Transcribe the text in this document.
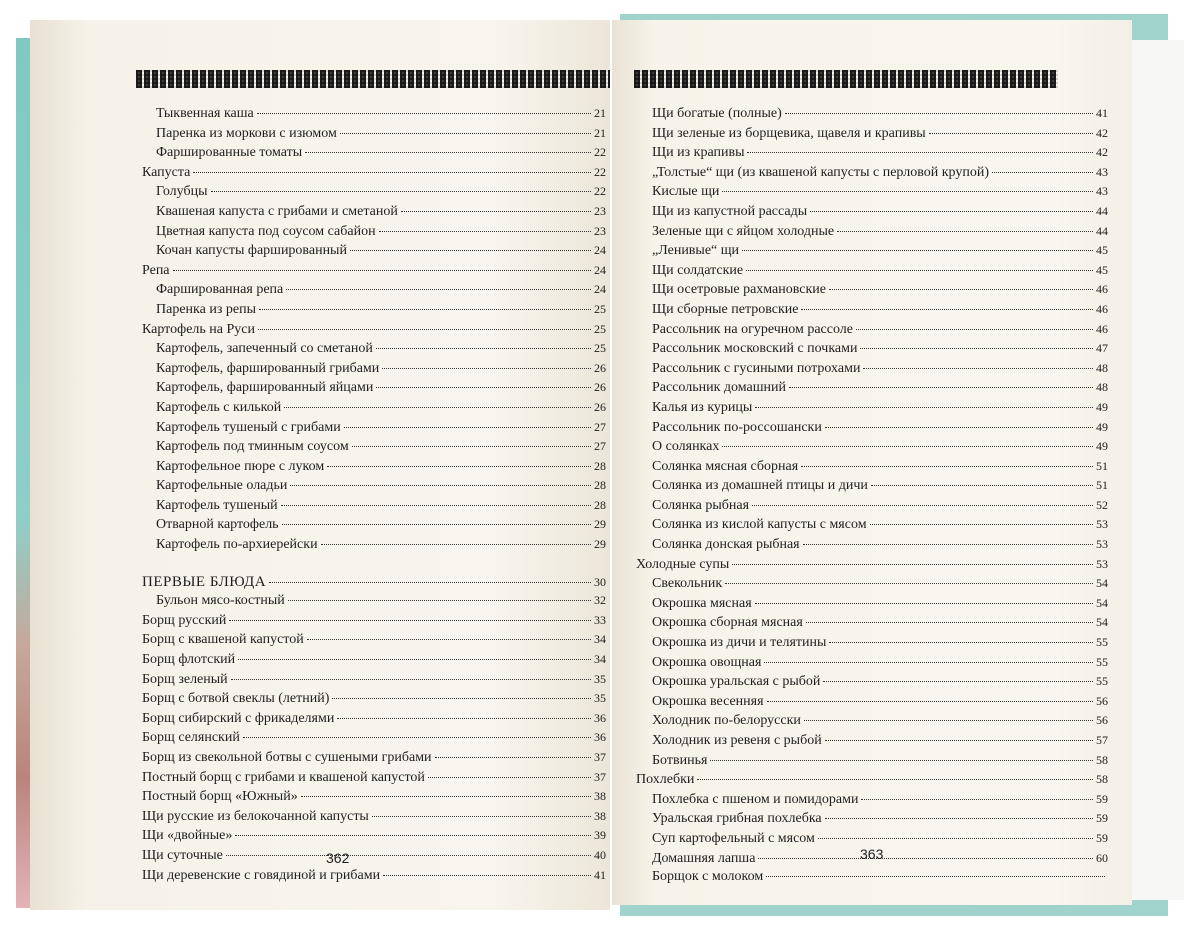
Тыквенная каша	21
Паренка из моркови с изюмом	21
Фаршированные томаты	22
Капуста	22
Голубцы	22
Квашеная капуста с грибами и сметаной	23
Цветная капуста под соусом сабайон	23
Кочан капусты фаршированный	24
Репа	24
Фаршированная репа	24
Паренка из репы	25
Картофель на Руси	25
Картофель, запеченный со сметаной	25
Картофель, фаршированный грибами	26
Картофель, фаршированный яйцами	26
Картофель с килькой	26
Картофель тушеный с грибами	27
Картофель под тминным соусом	27
Картофельное пюре с луком	28
Картофельные оладьи	28
Картофель тушеный	28
Отварной картофель	29
Картофель по-архиерейски	29
ПЕРВЫЕ БЛЮДА	30
Бульон мясо-костный	32
Борщ русский	33
Борщ с квашеной капустой	34
Борщ флотский	34
Борщ зеленый	35
Борщ с ботвой свеклы (летний)	35
Борщ сибирский с фрикаделями	36
Борщ селянский	36
Борщ из свекольной ботвы с сушеными грибами	37
Постный борщ с грибами и квашеной капустой	37
Постный борщ «Южный»	38
Щи русские из белокочанной капусты	38
Щи «двойные»	39
Щи суточные	40
Щи деревенские с говядиной и грибами	41
362
Щи богатые (полные)	41
Щи зеленые из борщевика, щавеля и крапивы	42
Щи из крапивы	42
„Толстые“ щи (из квашеной капусты с перловой крупой)	43
Кислые щи	43
Щи из капустной рассады	44
Зеленые щи с яйцом холодные	44
„Ленивые“ щи	45
Щи солдатские	45
Щи осетровые рахмановские	46
Щи сборные петровские	46
Рассольник на огуречном рассоле	46
Рассольник московский с почками	47
Рассольник с гусиными потрохами	48
Рассольник домашний	48
Калья из курицы	49
Рассольник по-россошански	49
О солянках	49
Солянка мясная сборная	51
Солянка из домашней птицы и дичи	51
Солянка рыбная	52
Солянка из кислой капусты с мясом	53
Солянка донская рыбная	53
Холодные супы	53
Свекольник	54
Окрошка мясная	54
Окрошка сборная мясная	54
Окрошка из дичи и телятины	55
Окрошка овощная	55
Окрошка уральская с рыбой	55
Окрошка весенняя	56
Холодник по-белорусски	56
Холодник из ревеня с рыбой	57
Ботвинья	58
Похлебки	58
Похлебка с пшеном и помидорами	59
Уральская грибная похлебка	59
Суп картофельный с мясом	59
Домашняя лапша	60
Борщок с молоком
363
